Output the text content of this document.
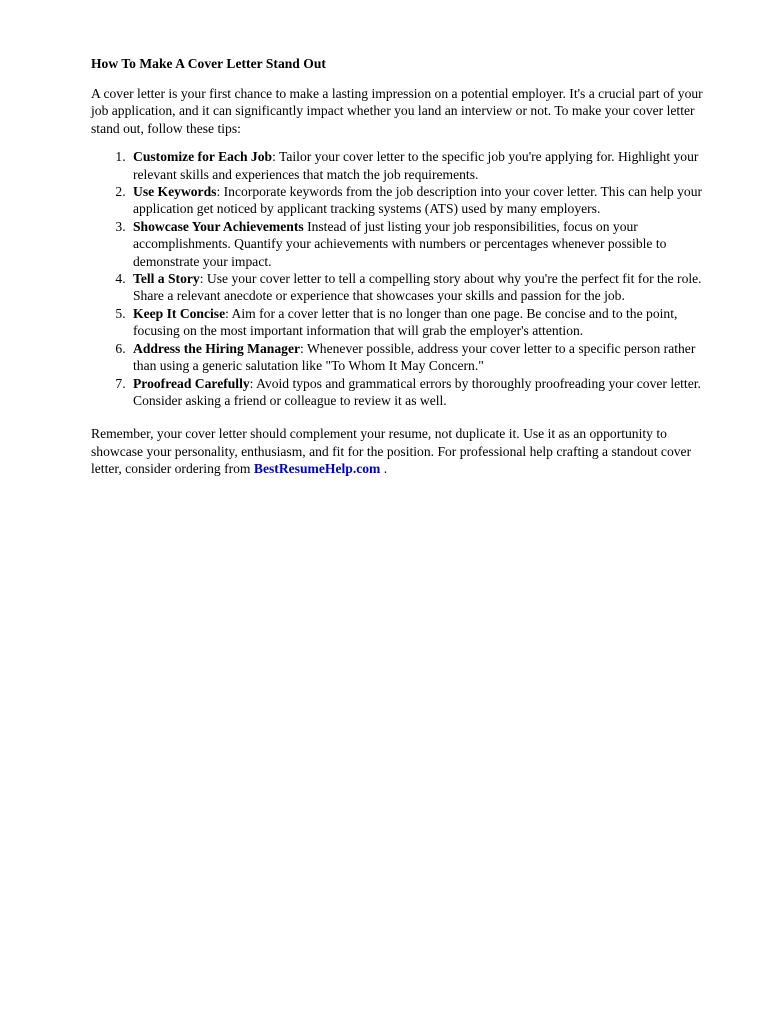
How To Make A Cover Letter Stand Out

A cover letter is your first chance to make a lasting impression on a potential employer. It's a crucial part of your job application, and it can significantly impact whether you land an interview or not. To make your cover letter stand out, follow these tips:

1. Customize for Each Job: Tailor your cover letter to the specific job you're applying for. Highlight your relevant skills and experiences that match the job requirements.
2. Use Keywords: Incorporate keywords from the job description into your cover letter. This can help your application get noticed by applicant tracking systems (ATS) used by many employers.
3. Showcase Your Achievements Instead of just listing your job responsibilities, focus on your accomplishments. Quantify your achievements with numbers or percentages whenever possible to demonstrate your impact.
4. Tell a Story: Use your cover letter to tell a compelling story about why you're the perfect fit for the role. Share a relevant anecdote or experience that showcases your skills and passion for the job.
5. Keep It Concise: Aim for a cover letter that is no longer than one page. Be concise and to the point, focusing on the most important information that will grab the employer's attention.
6. Address the Hiring Manager: Whenever possible, address your cover letter to a specific person rather than using a generic salutation like "To Whom It May Concern."
7. Proofread Carefully: Avoid typos and grammatical errors by thoroughly proofreading your cover letter. Consider asking a friend or colleague to review it as well.

Remember, your cover letter should complement your resume, not duplicate it. Use it as an opportunity to showcase your personality, enthusiasm, and fit for the position. For professional help crafting a standout cover letter, consider ordering from BestResumeHelp.com .
